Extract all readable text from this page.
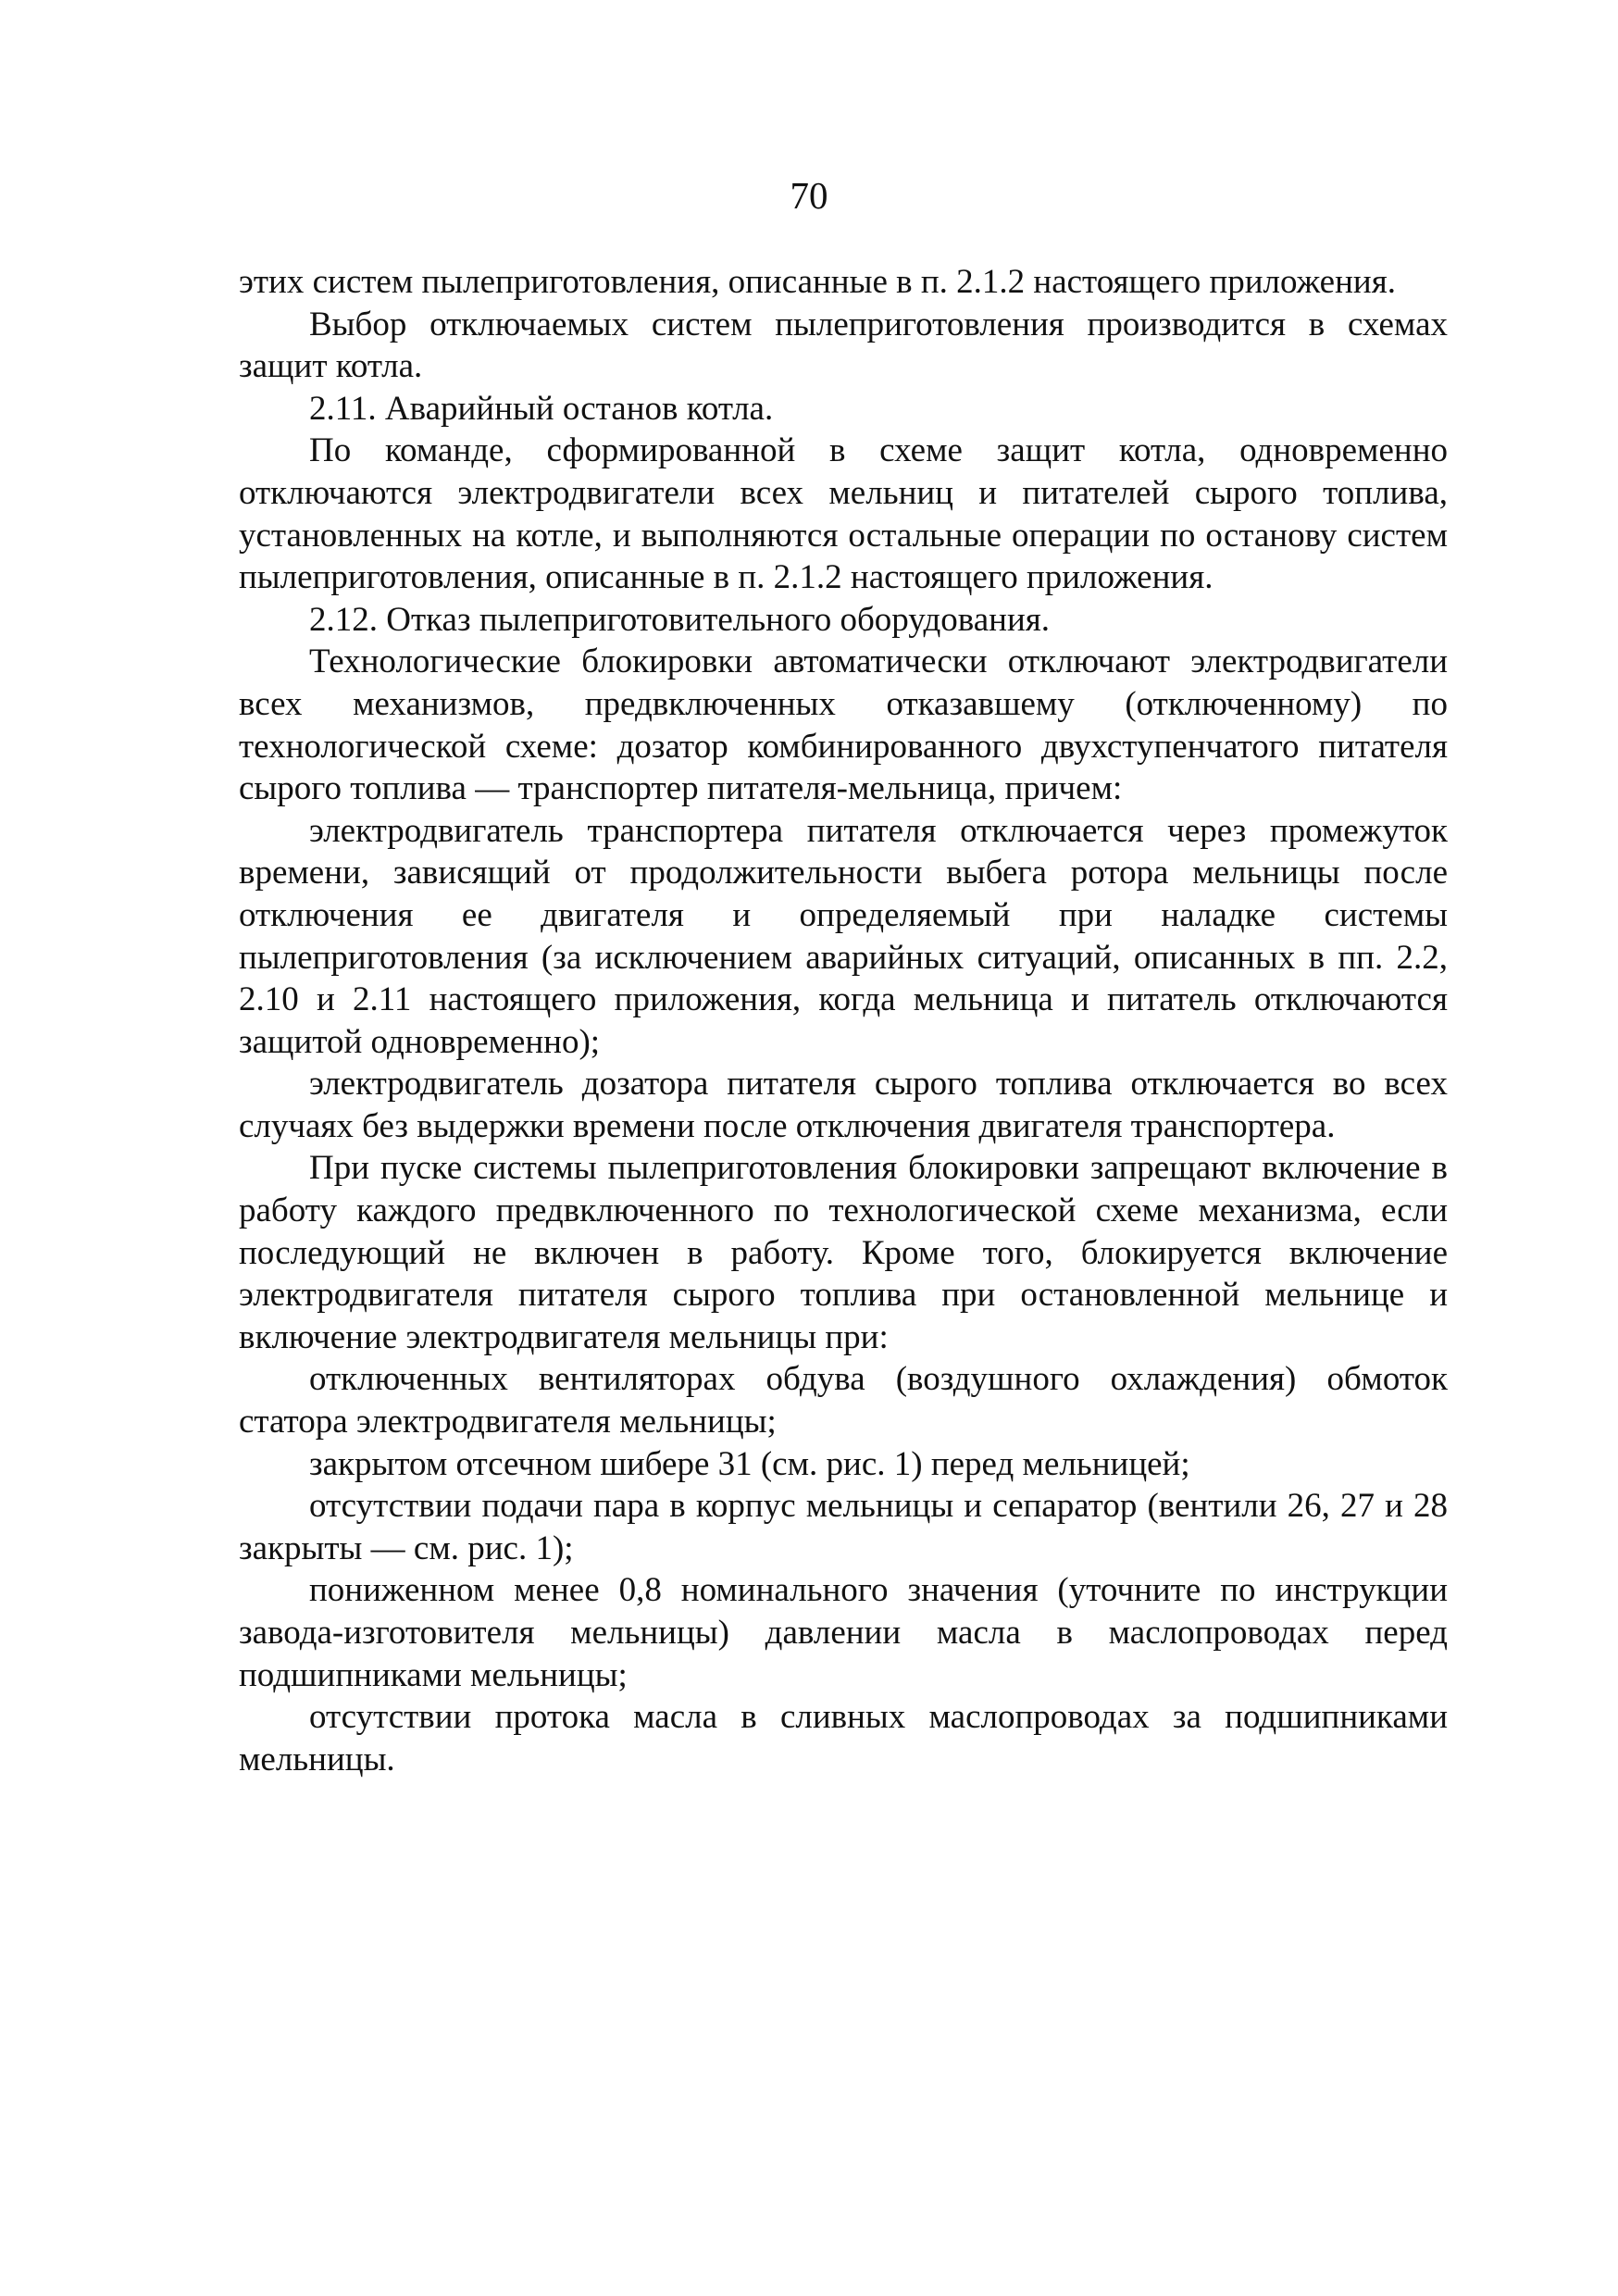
70

этих систем пылеприготовления, описанные в п. 2.1.2 настоящего приложения.

Выбор отключаемых систем пылеприготовления производится в схемах защит котла.

2.11. Аварийный останов котла.

По команде, сформированной в схеме защит котла, одновременно отключаются электродвигатели всех мельниц и питателей сырого топлива, установленных на котле, и выполняются остальные операции по останову систем пылеприготовления, описанные в п. 2.1.2 настоящего приложения.

2.12. Отказ пылеприготовительного оборудования.

Технологические блокировки автоматически отключают электродвигатели всех механизмов, предвключенных отказавшему (отключенному) по технологической схеме: дозатор комбинированного двухступенчатого питателя сырого топлива — транспортер питателя-мельница, причем:

электродвигатель транспортера питателя отключается через промежуток времени, зависящий от продолжительности выбега ротора мельницы после отключения ее двигателя и определяемый при наладке системы пылеприготовления (за исключением аварийных ситуаций, описанных в пп. 2.2, 2.10 и 2.11 настоящего приложения, когда мельница и питатель отключаются защитой одновременно);

электродвигатель дозатора питателя сырого топлива отключается во всех случаях без выдержки времени после отключения двигателя транспортера.

При пуске системы пылеприготовления блокировки запрещают включение в работу каждого предвключенного по технологической схеме механизма, если последующий не включен в работу. Кроме того, блокируется включение электродвигателя питателя сырого топлива при остановленной мельнице и включение электродвигателя мельницы при:

отключенных вентиляторах обдува (воздушного охлаждения) обмоток статора электродвигателя мельницы;

закрытом отсечном шибере 31 (см. рис. 1) перед мельницей;

отсутствии подачи пара в корпус мельницы и сепаратор (вентили 26, 27 и 28 закрыты — см. рис. 1);

пониженном менее 0,8 номинального значения (уточните по инструкции завода-изготовителя мельницы) давлении масла в маслопроводах перед подшипниками мельницы;

отсутствии протока масла в сливных маслопроводах за подшипниками мельницы.
